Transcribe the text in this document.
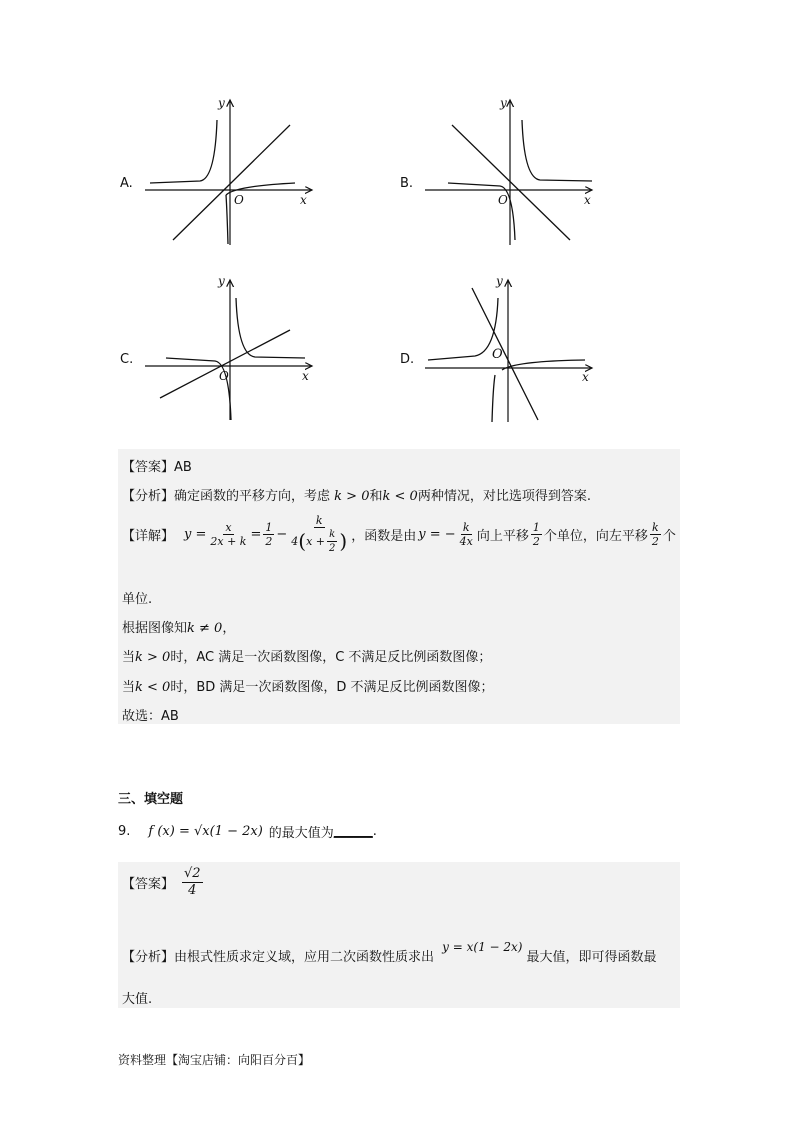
A.
y
x
O
B.
y
x
O
C.
y
x
O
D.
y
x
O
【答案】AB
【分析】确定函数的平移方向，考虑 k > 0和k < 0两种情况，对比选项得到答案.
【详解】 $y = \frac{x}{2x + k} = \frac{1}{2}$ −
k
4 ( $x + \frac{k}{2}$ ) ，函数是由 y = − $\frac{k}{4x}$ 向上平移 $\frac{1}{2}$ 个单位，向左平移 $\frac{k}{2}$ 个
单位.
根据图像知k ≠ 0，
当k > 0时，AC 满足一次函数图像，C 不满足反比例函数图像；
当k < 0时，BD 满足一次函数图像，D 不满足反比例函数图像；
故选：AB
三、填空题
9. f (x) = √x(1 − 2x) 的最大值为 ______ .
【答案】 $\frac{√2}{4}$
【分析】由根式性质求定义域，应用二次函数性质求出 y = x(1 − 2x)最大值，即可得函数最
大值.
资料整理【淘宝店铺：向阳百分百】
